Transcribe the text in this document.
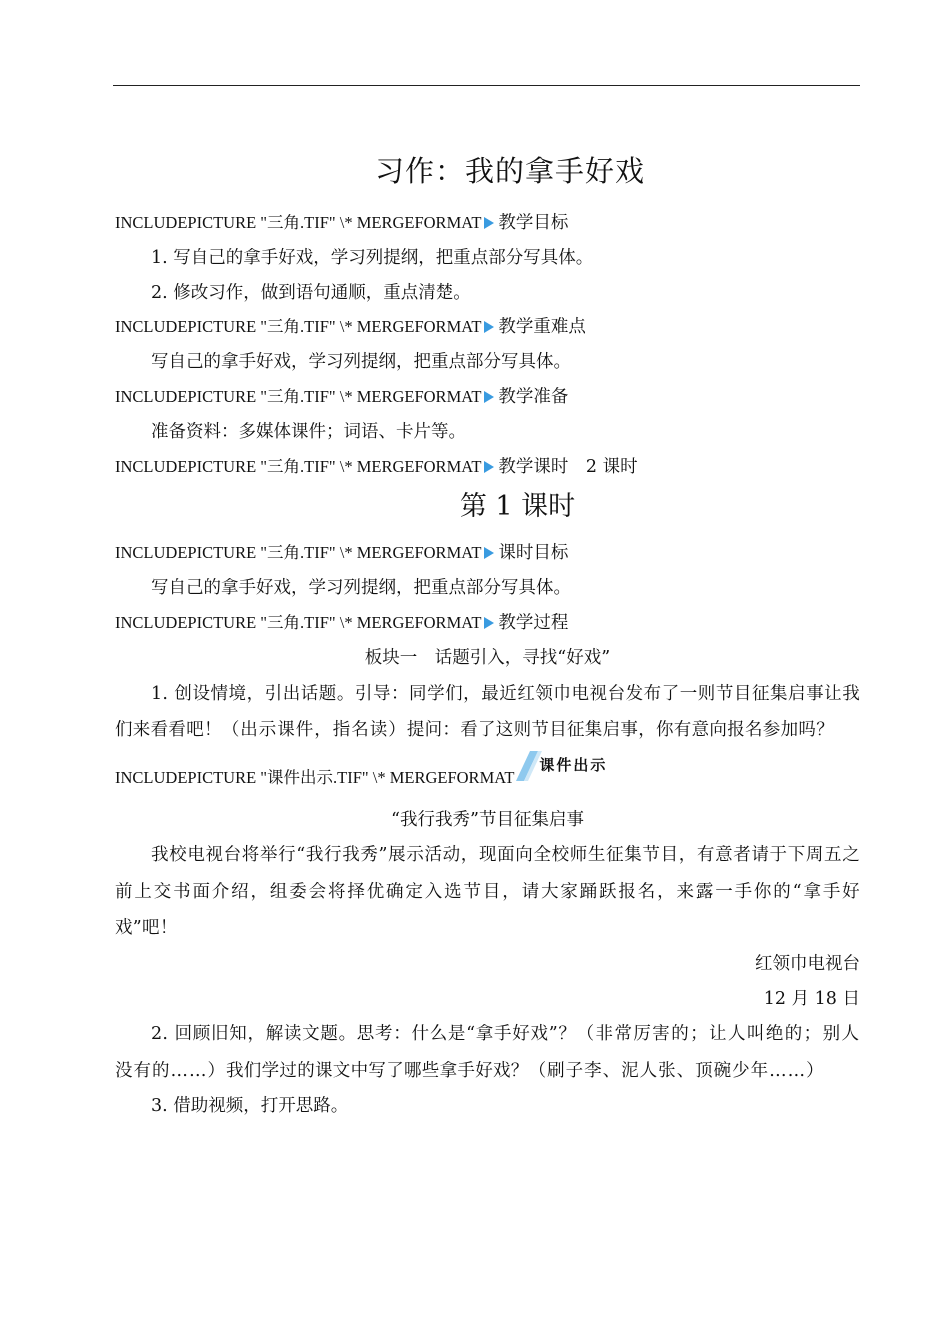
习作：我的拿手好戏
INCLUDEPICTURE "三角.TIF" \* MERGEFORMAT 教学目标
1. 写自己的拿手好戏，学习列提纲，把重点部分写具体。
2. 修改习作，做到语句通顺，重点清楚。
INCLUDEPICTURE "三角.TIF" \* MERGEFORMAT 教学重难点
写自己的拿手好戏，学习列提纲，把重点部分写具体。
INCLUDEPICTURE "三角.TIF" \* MERGEFORMAT 教学准备
准备资料：多媒体课件；词语、卡片等。
INCLUDEPICTURE "三角.TIF" \* MERGEFORMAT 教学课时　2 课时
第 1 课时
INCLUDEPICTURE "三角.TIF" \* MERGEFORMAT 课时目标
写自己的拿手好戏，学习列提纲，把重点部分写具体。
INCLUDEPICTURE "三角.TIF" \* MERGEFORMAT 教学过程
板块一　话题引入，寻找“好戏”
1. 创设情境，引出话题。引导：同学们，最近红领巾电视台发布了一则节目征集启事让我们来看看吧！（出示课件，指名读）提问：看了这则节目征集启事，你有意向报名参加吗？
INCLUDEPICTURE "课件出示.TIF" \* MERGEFORMAT
课件出示
“我行我秀”节目征集启事
我校电视台将举行“我行我秀”展示活动，现面向全校师生征集节目，有意者请于下周五之前上交书面介绍，组委会将择优确定入选节目，请大家踊跃报名，来露一手你的“拿手好戏”吧！
红领巾电视台
12 月 18 日
2. 回顾旧知，解读文题。思考：什么是“拿手好戏”？（非常厉害的；让人叫绝的；别人没有的……）我们学过的课文中写了哪些拿手好戏？（刷子李、泥人张、顶碗少年……）
3. 借助视频，打开思路。
